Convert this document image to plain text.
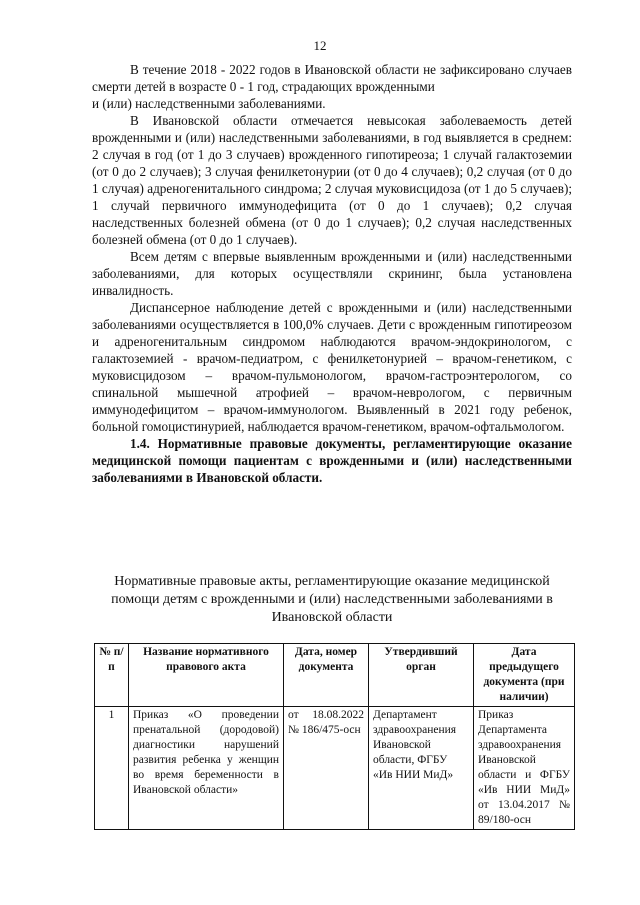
12

В течение 2018 - 2022 годов в Ивановской области не зафиксировано случаев смерти детей в возрасте 0 - 1 год, страдающих врожденными

и (или) наследственными заболеваниями.

В Ивановской области отмечается невысокая заболеваемость детей врожденными и (или) наследственными заболеваниями, в год выявляется в среднем: 2 случая в год (от 1 до 3 случаев) врожденного гипотиреоза; 1 случай галактоземии (от 0 до 2 случаев); 3 случая фенилкетонурии (от 0 до 4 случаев); 0,2 случая (от 0 до 1 случая) адреногенитального синдрома; 2 случая муковисцидоза (от 1 до 5 случаев); 1 случай первичного иммунодефицита (от 0 до 1 случаев); 0,2 случая наследственных болезней обмена (от 0 до 1 случаев); 0,2 случая наследственных болезней обмена (от 0 до 1 случаев).

Всем детям с впервые выявленным врожденными и (или) наследственными заболеваниями, для которых осуществляли скрининг, была установлена инвалидность.

Диспансерное наблюдение детей с врожденными и (или) наследственными заболеваниями осуществляется в 100,0% случаев. Дети с врожденным гипотиреозом и адреногенитальным синдромом наблюдаются врачом-эндокринологом, с галактоземией - врачом-педиатром, с фенилкетонурией – врачом-генетиком, с муковисцидозом – врачом-пульмонологом, врачом-гастроэнтерологом, со спинальной мышечной атрофией – врачом-неврологом, с первичным иммунодефицитом – врачом-иммунологом. Выявленный в 2021 году ребенок, больной гомоцистинурией, наблюдается врачом-генетиком, врачом-офтальмологом.

1.4. Нормативные правовые документы, регламентирующие оказание медицинской помощи пациентам с врожденными и (или) наследственными заболеваниями в Ивановской области.

Нормативные правовые акты, регламентирующие оказание медицинской помощи детям с врожденными и (или) наследственными заболеваниями в Ивановской области
№ п/п	Название нормативного правового акта	Дата, номер документа	Утвердивший орган	Дата предыдущего документа (при наличии)
1	Приказ «О проведении пренатальной (дородовой) диагностики нарушений развития ребенка у женщин во время беременности в Ивановской области»	от 18.08.2022 № 186/475-осн	Департамент здравоохранения Ивановской области, ФГБУ «Ив НИИ МиД»	Приказ Департамента здравоохранения Ивановской области и ФГБУ «Ив НИИ МиД» от 13.04.2017 № 89/180-осн
